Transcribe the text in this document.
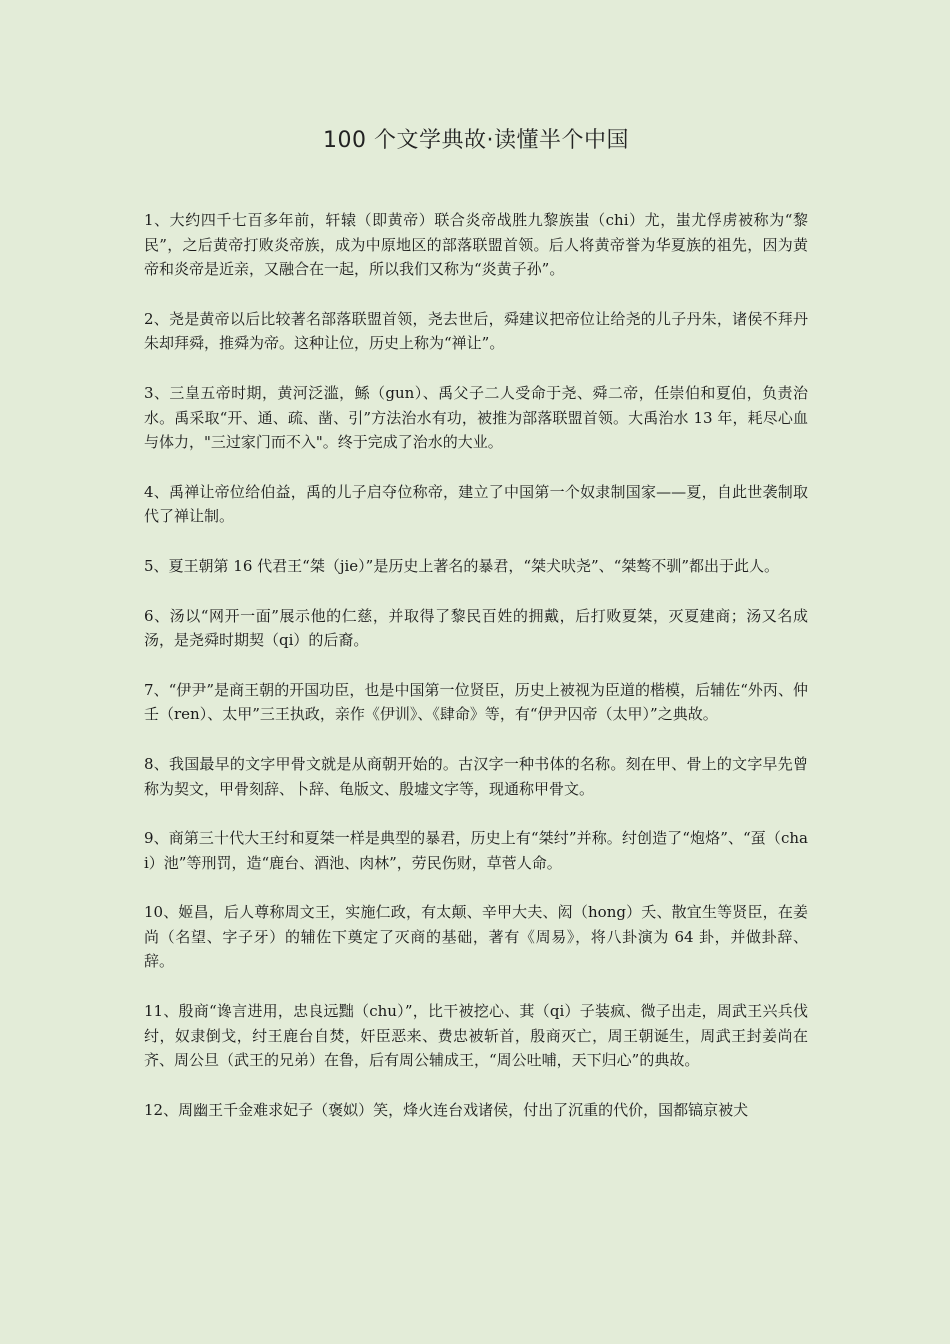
100 个文学典故·读懂半个中国

1、大约四千七百多年前，轩辕（即黄帝）联合炎帝战胜九黎族蚩（chi）尤，蚩尤俘虏被称为“黎民”，之后黄帝打败炎帝族，成为中原地区的部落联盟首领。后人将黄帝誉为华夏族的祖先，因为黄帝和炎帝是近亲，又融合在一起，所以我们又称为“炎黄子孙”。

2、尧是黄帝以后比较著名部落联盟首领，尧去世后，舜建议把帝位让给尧的儿子丹朱，诸侯不拜丹朱却拜舜，推舜为帝。这种让位，历史上称为“禅让”。

3、三皇五帝时期，黄河泛滥，鲧（gun）、禹父子二人受命于尧、舜二帝，任崇伯和夏伯，负责治水。禹采取“开、通、疏、凿、引”方法治水有功，被推为部落联盟首领。大禹治水 13 年，耗尽心血与体力，"三过家门而不入"。终于完成了治水的大业。

4、禹禅让帝位给伯益，禹的儿子启夺位称帝，建立了中国第一个奴隶制国家——夏，自此世袭制取代了禅让制。

5、夏王朝第 16 代君王“桀（jie）”是历史上著名的暴君，“桀犬吠尧”、“桀骜不驯”都出于此人。

6、汤以“网开一面”展示他的仁慈，并取得了黎民百姓的拥戴，后打败夏桀，灭夏建商；汤又名成汤，是尧舜时期契（qi）的后裔。

7、“伊尹”是商王朝的开国功臣，也是中国第一位贤臣，历史上被视为臣道的楷模，后辅佐“外丙、仲壬（ren）、太甲”三王执政，亲作《伊训》、《肆命》等，有“伊尹囚帝（太甲）”之典故。

8、我国最早的文字甲骨文就是从商朝开始的。古汉字一种书体的名称。刻在甲、骨上的文字早先曾称为契文，甲骨刻辞、卜辞、龟版文、殷墟文字等，现通称甲骨文。

9、商第三十代大王纣和夏桀一样是典型的暴君，历史上有“桀纣”并称。纣创造了“炮烙”、“虿（chai）池”等刑罚，造“鹿台、酒池、肉林”，劳民伤财，草菅人命。

10、姬昌，后人尊称周文王，实施仁政，有太颠、辛甲大夫、闳（hong）夭、散宜生等贤臣，在姜尚（名望、字子牙）的辅佐下奠定了灭商的基础，著有《周易》，将八卦演为 64 卦，并做卦辞、辞。

11、殷商“谗言进用，忠良远黜（chu）”，比干被挖心、萁（qi）子装疯、微子出走，周武王兴兵伐纣，奴隶倒戈，纣王鹿台自焚，奸臣恶来、费忠被斩首，殷商灭亡，周王朝诞生，周武王封姜尚在齐、周公旦（武王的兄弟）在鲁，后有周公辅成王，“周公吐哺，天下归心”的典故。

12、周幽王千金难求妃子（褒姒）笑，烽火连台戏诸侯，付出了沉重的代价，国都镐京被犬
